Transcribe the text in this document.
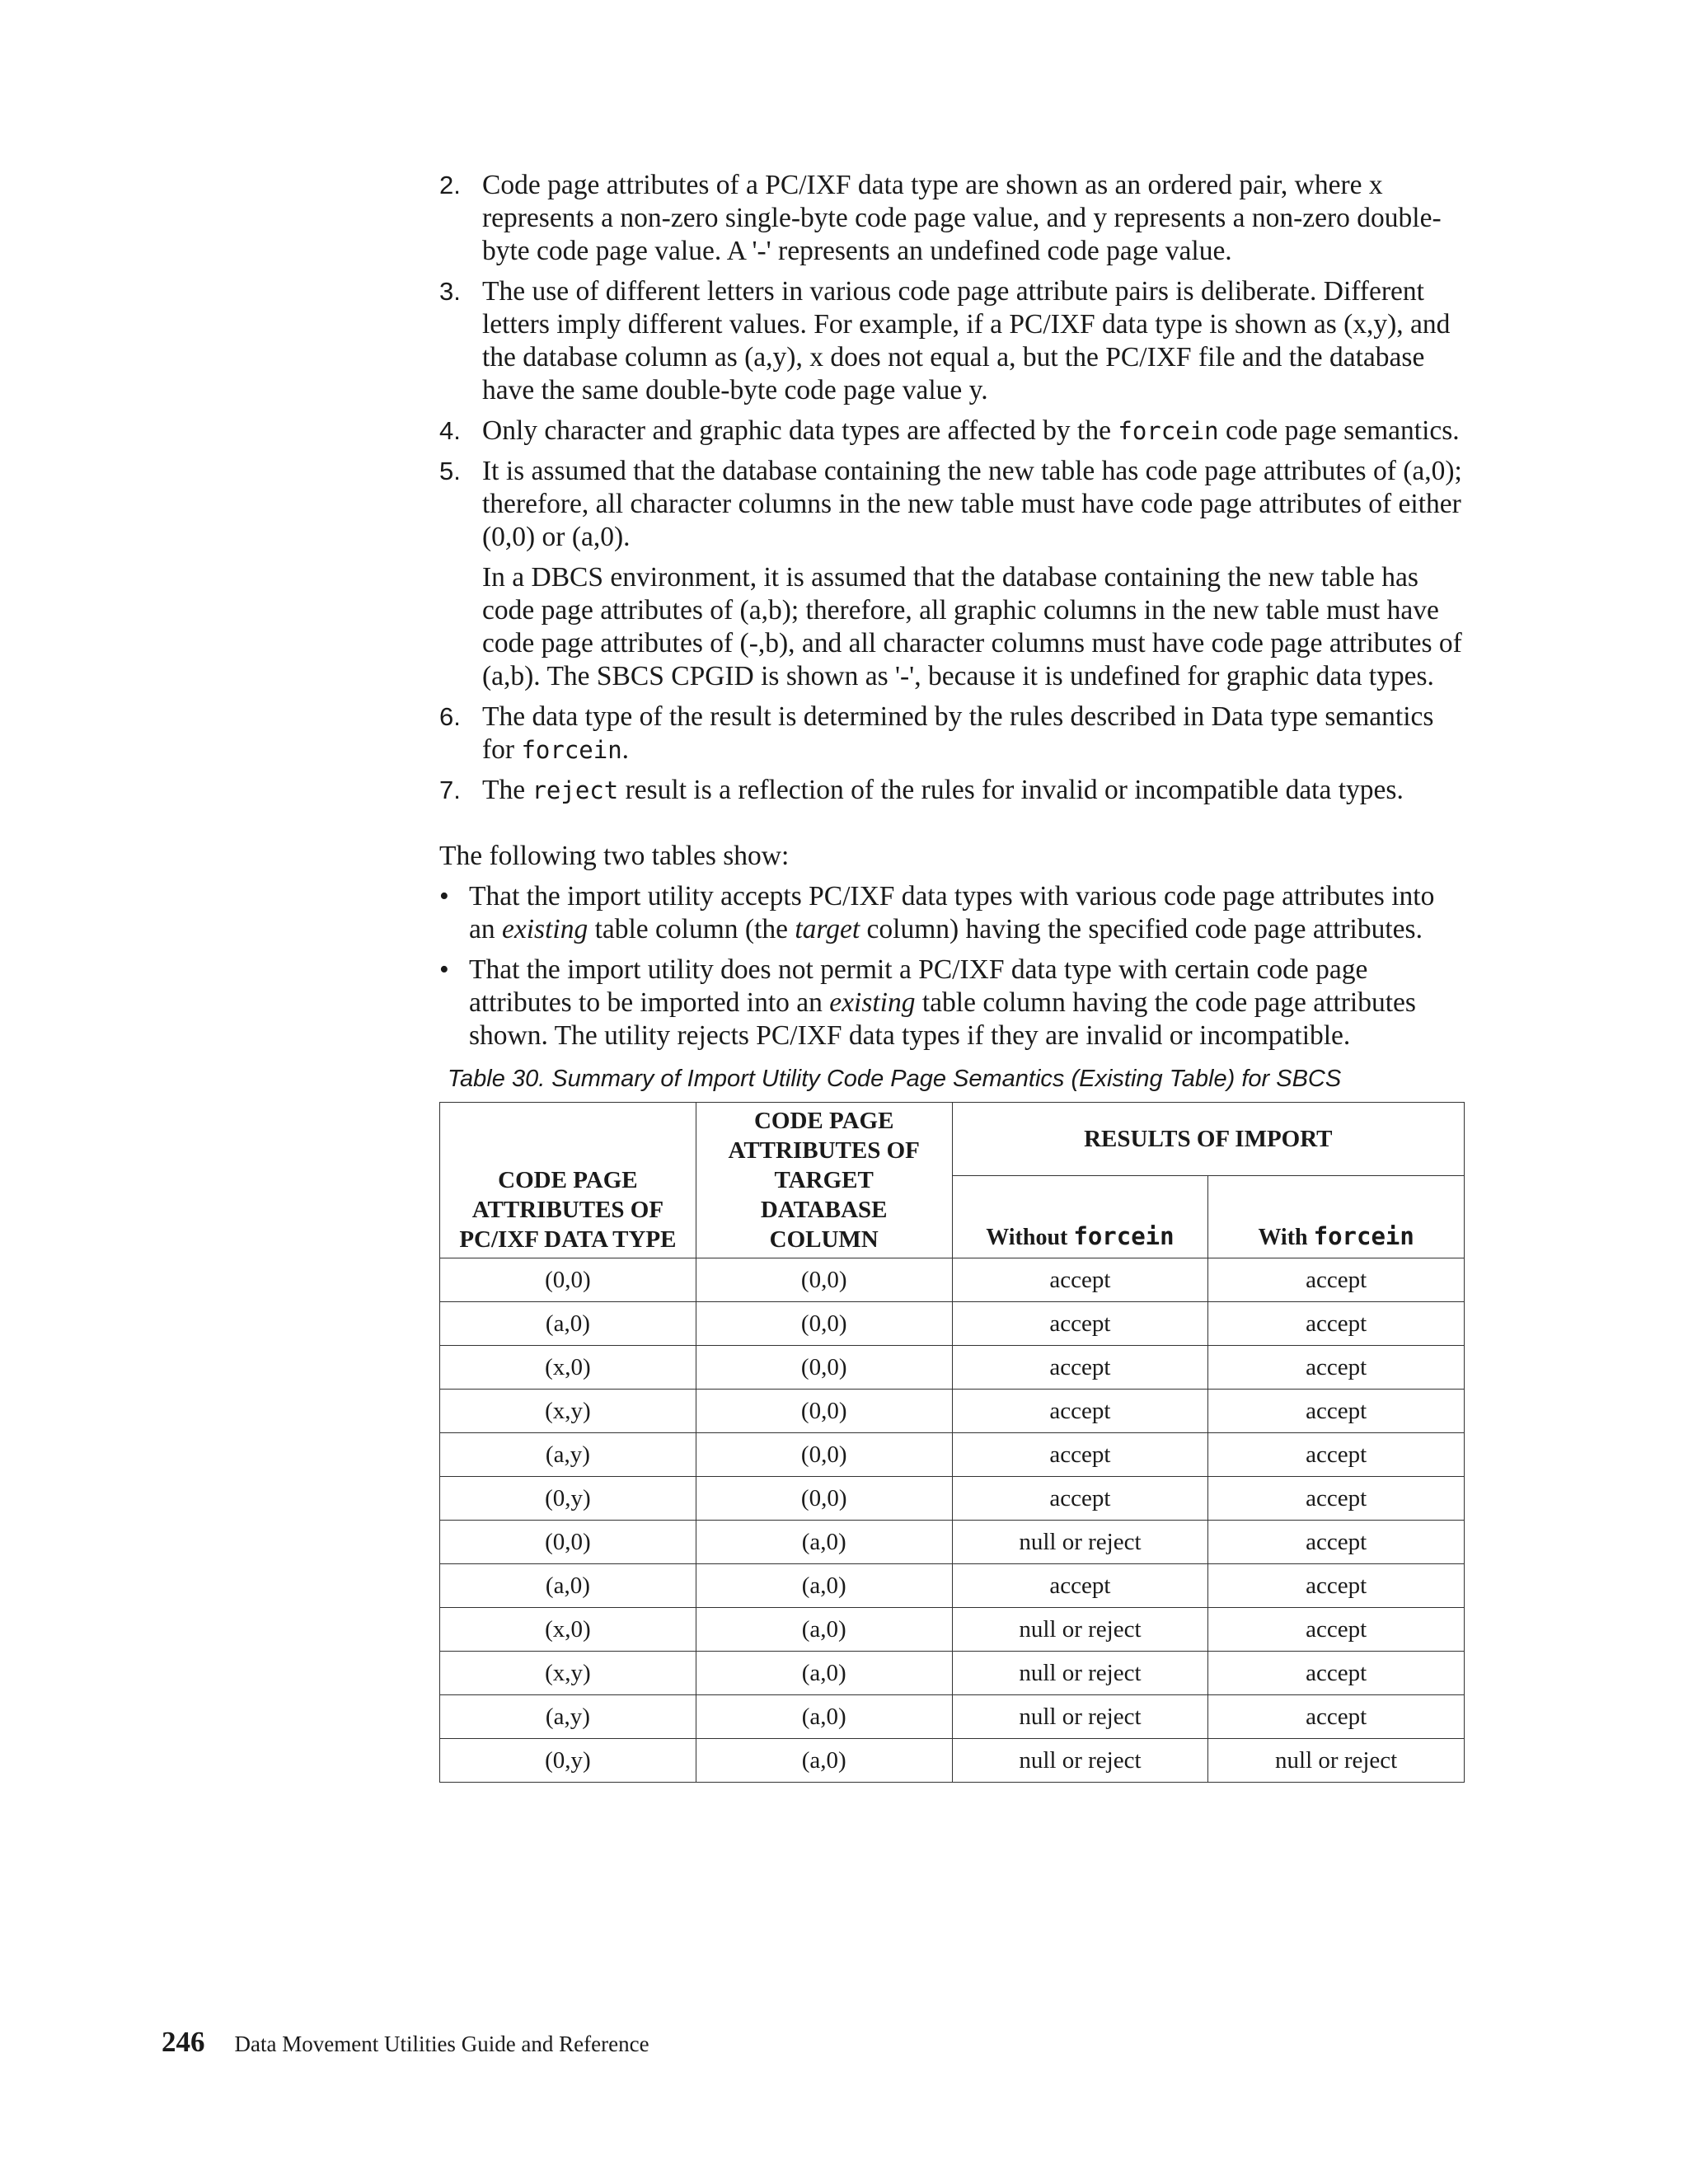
2. Code page attributes of a PC/IXF data type are shown as an ordered pair, where x represents a non-zero single-byte code page value, and y represents a non-zero double-byte code page value. A '-' represents an undefined code page value.
3. The use of different letters in various code page attribute pairs is deliberate. Different letters imply different values. For example, if a PC/IXF data type is shown as (x,y), and the database column as (a,y), x does not equal a, but the PC/IXF file and the database have the same double-byte code page value y.
4. Only character and graphic data types are affected by the forcein code page semantics.
5. It is assumed that the database containing the new table has code page attributes of (a,0); therefore, all character columns in the new table must have code page attributes of either (0,0) or (a,0).

In a DBCS environment, it is assumed that the database containing the new table has code page attributes of (a,b); therefore, all graphic columns in the new table must have code page attributes of (-,b), and all character columns must have code page attributes of (a,b). The SBCS CPGID is shown as '-', because it is undefined for graphic data types.

6. The data type of the result is determined by the rules described in Data type semantics for forcein.
7. The reject result is a reflection of the rules for invalid or incompatible data types.

The following two tables show:

• That the import utility accepts PC/IXF data types with various code page attributes into an existing table column (the target column) having the specified code page attributes.
• That the import utility does not permit a PC/IXF data type with certain code page attributes to be imported into an existing table column having the code page attributes shown. The utility rejects PC/IXF data types if they are invalid or incompatible.
Table 30. Summary of Import Utility Code Page Semantics (Existing Table) for SBCS
CODE PAGE
ATTRIBUTES OF
PC/IXF DATA TYPE	CODE PAGE
ATTRIBUTES OF
TARGET
DATABASE
COLUMN	RESULTS OF IMPORT	
		Without forcein	With forcein
(0,0)	(0,0)	accept	accept
(a,0)	(0,0)	accept	accept
(x,0)	(0,0)	accept	accept
(x,y)	(0,0)	accept	accept
(a,y)	(0,0)	accept	accept
(0,y)	(0,0)	accept	accept
(0,0)	(a,0)	null or reject	accept
(a,0)	(a,0)	accept	accept
(x,0)	(a,0)	null or reject	accept
(x,y)	(a,0)	null or reject	accept
(a,y)	(a,0)	null or reject	accept
(0,y)	(a,0)	null or reject	null or reject
246 Data Movement Utilities Guide and Reference
